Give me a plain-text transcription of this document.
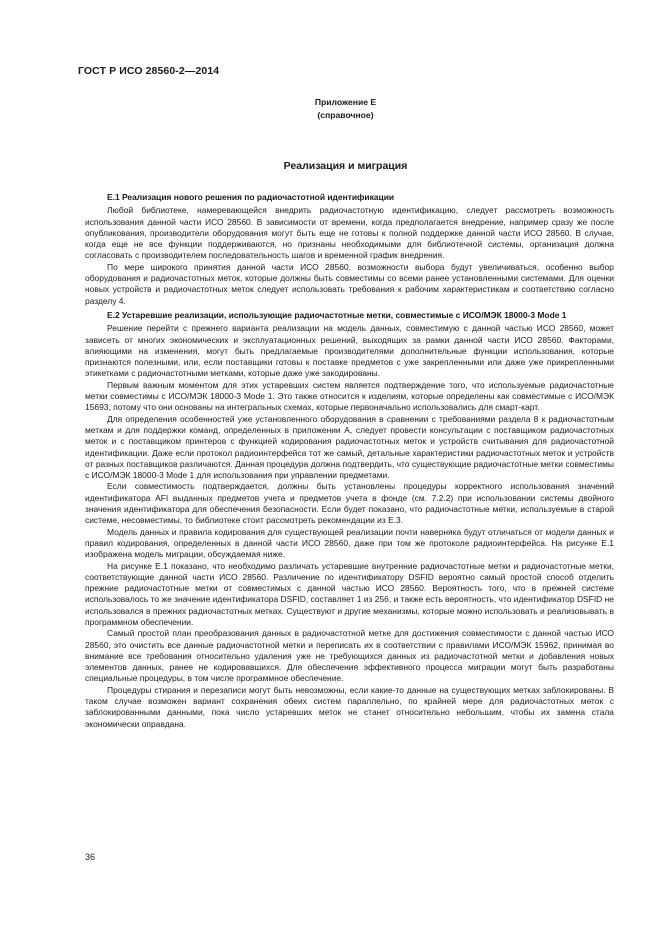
ГОСТ Р ИСО 28560-2—2014
Приложение Е
(справочное)
Реализация и миграция
Е.1 Реализация нового решения по радиочастотной идентификации

Любой библиотеке, намеревающейся внедрить радиочастотную идентификацию, следует рассмотреть возможность использования данной части ИСО 28560. В зависимости от времени, когда предполагается внедрение, например сразу же после опубликования, производители оборудования могут быть еще не готовы к полной поддержке данной части ИСО 28560. В случае, когда еще не все функции поддерживаются, но признаны необходимыми для библиотечной системы, организация должна согласовать с производителем последовательность шагов и временной график внедрения.

По мере широкого принятия данной части ИСО 28560, возможности выбора будут увеличиваться, особенно выбор оборудования и радиочастотных меток, которые должны быть совместимы со всеми ранее установленными системами. Для оценки новых устройств и радиочастотных меток следует использовать требования к рабочим характеристикам и соответствию согласно разделу 4.

Е.2 Устаревшие реализации, использующие радиочастотные метки, совместимые с ИСО/МЭК 18000-3 Mode 1

Решение перейти с прежнего варианта реализации на модель данных, совместимую с данной частью ИСО 28560, может зависеть от многих экономических и эксплуатационных решений, выходящих за рамки данной части ИСО 28560. Факторами, влияющими на изменения, могут быть предлагаемые производителями дополнительные функции использования, которые признаются полезными, или, если поставщики готовы к поставке предметов с уже закрепленными или даже уже прикрепленными этикетками с радиочастотными метками, которые даже уже закодированы.

Первым важным моментом для этих устаревших систем является подтверждение того, что используемые радиочастотные метки совместимы с ИСО/МЭК 18000-3 Mode 1. Это также относится к изделиям, которые определены как совместимые с ИСО/МЭК 15693, потому что они основаны на интегральных схемах, которые первоначально использовались для смарт-карт.

Для определения особенностей уже установленного оборудования в сравнении с требованиями раздела 8 к радиочастотным меткам и для поддержки команд, определенных в приложении А, следует провести консультации с поставщиком радиочастотных меток и с поставщиком принтеров с функцией кодирования радиочастотных меток и устройств считывания для радиочастотной идентификации. Даже если протокол радиоинтерфейса тот же самый, детальные характеристики радиочастотных меток и устройств от разных поставщиков различаются. Данная процедура должна подтвердить, что существующие радиочастотные метки совместимы с ИСО/МЭК 18000-3 Mode 1 для использования при управлении предметами.

Если совместимость подтверждается, должны быть установлены процедуры корректного использования значений идентификатора AFI выданных предметов учета и предметов учета в фонде (см. 7.2.2) при использовании системы двойного значения идентификатора для обеспечения безопасности. Если будет показано, что радиочастотные метки, используемые в старой системе, несовместимы, то библиотеке стоит рассмотреть рекомендации из Е.3.

Модель данных и правила кодирования для существующей реализации почти наверняка будут отличаться от модели данных и правил кодирования, определенных в данной части ИСО 28560, даже при том же протоколе радиоинтерфейса. На рисунке Е.1 изображена модель миграции, обсуждаемая ниже.

На рисунке Е.1 показано, что необходимо различать устаревшие внутренние радиочастотные метки и радиочастотные метки, соответствующие данной части ИСО 28560. Различение по идентификатору DSFID вероятно самый простой способ отделить прежние радиочастотные метки от совместимых с данной частью ИСО 28560. Вероятность того, что в прежней системе использовалось то же значение идентификатора DSFID, составляет 1 из 256, и также есть вероятность, что идентификатор DSFID не использовался в прежних радиочастотных метках. Существуют и другие механизмы, которые можно использовать и реализовывать в программном обеспечении.

Самый простой план преобразования данных в радиочастотной метке для достижения совместимости с данной частью ИСО 28560, это очистить все данные радиочастотной метки и переписать их в соответствии с правилами ИСО/МЭК 15962, принимая во внимание все требования относительно удаления уже не требующихся данных из радиочастотной метки и добавления новых элементов данных, ранее не кодировавшихся. Для обеспечения эффективного процесса миграции могут быть разработаны специальные процедуры, в том числе программное обеспечение.

Процедуры стирания и перезаписи могут быть невозможны, если какие-то данные на существующих метках заблокированы. В таком случае возможен вариант сохранения обеих систем параллельно, по крайней мере для радиочастотных меток с заблокированными данными, пока число устаревших меток не станет относительно небольшим, чтобы их замена стала экономически оправдана.

36
